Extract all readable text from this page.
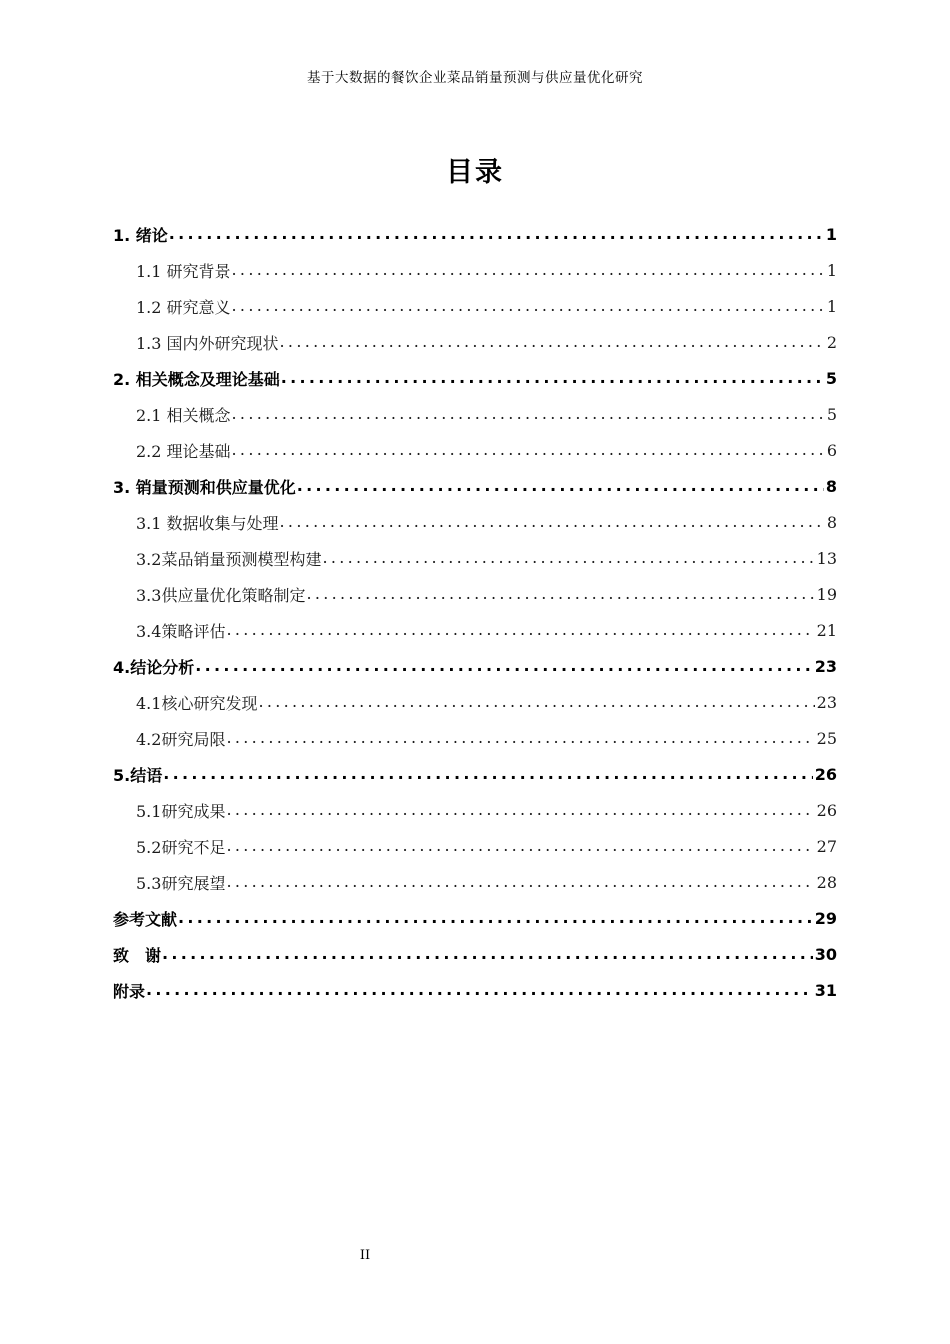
基于大数据的餐饮企业菜品销量预测与供应量优化研究
目录
1. 绪论 .....	1
1.1 研究背景 .....	1
1.2 研究意义 .....	1
1.3 国内外研究现状 .....	2
2. 相关概念及理论基础 .....	5
2.1 相关概念 .....	5
2.2 理论基础 .....	6
3. 销量预测和供应量优化 .....	8
3.1 数据收集与处理 .....	8
3.2菜品销量预测模型构建 .....	13
3.3供应量优化策略制定 .....	19
3.4策略评估 .....	21
4.结论分析 .....	23
4.1核心研究发现 .....	23
4.2研究局限 .....	25
5.结语 .....	26
5.1研究成果 .....	26
5.2研究不足 .....	27
5.3研究展望 .....	28
参考文献 .....	29
致　谢 .....	30
附录 .....	31
II
